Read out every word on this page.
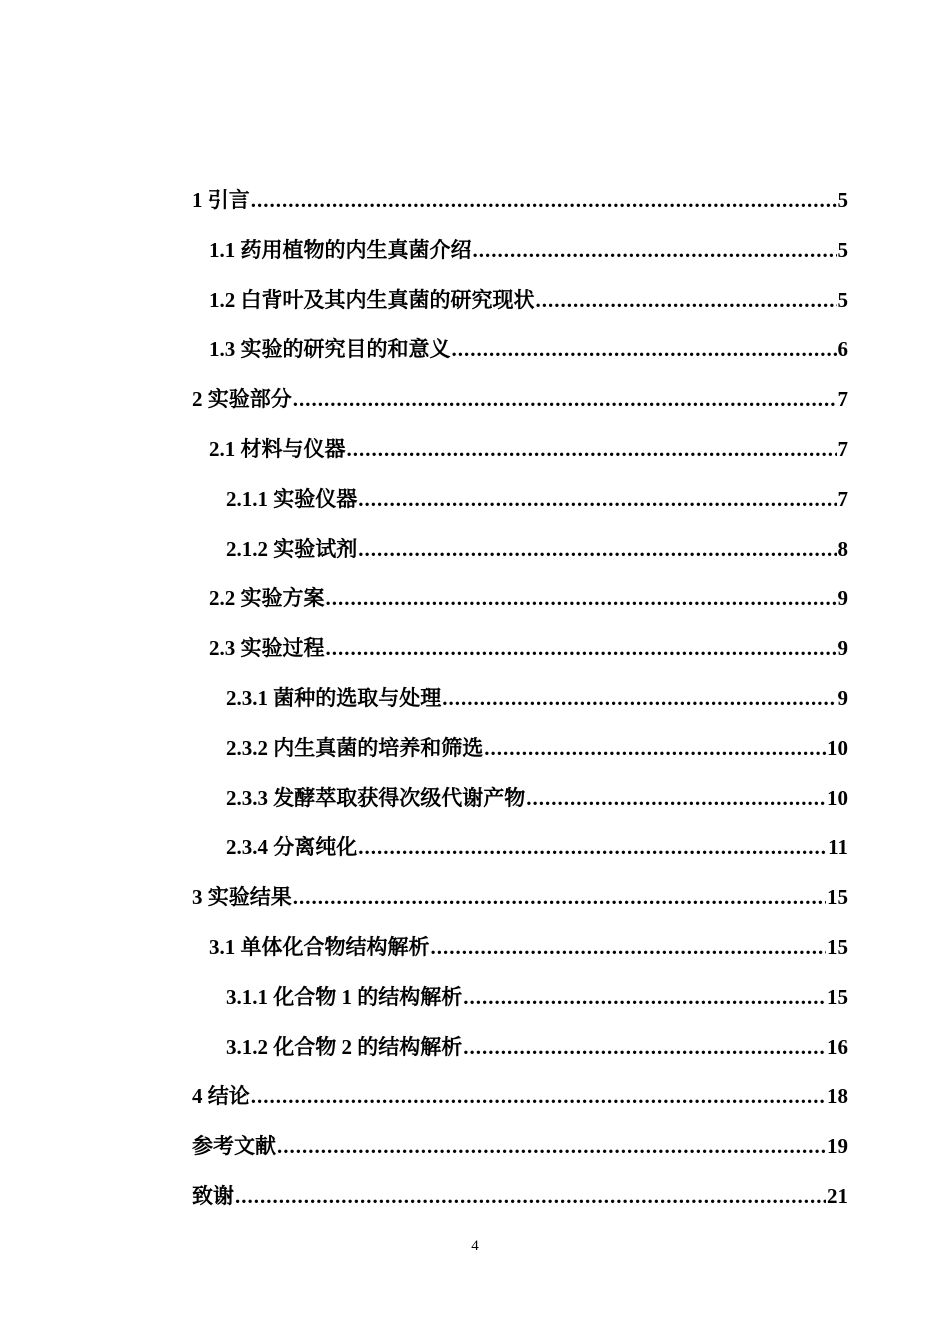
1 引言 .....	5
1.1 药用植物的内生真菌介绍 .....	5
1.2 白背叶及其内生真菌的研究现状 .....	5
1.3 实验的研究目的和意义 .....	6
2 实验部分 .....	7
2.1 材料与仪器 .....	7
2.1.1 实验仪器 .....	7
2.1.2 实验试剂 .....	8
2.2 实验方案 .....	9
2.3 实验过程 .....	9
2.3.1 菌种的选取与处理 .....	9
2.3.2 内生真菌的培养和筛选 .....	10
2.3.3 发酵萃取获得次级代谢产物 .....	10
2.3.4 分离纯化 .....	11
3 实验结果 .....	15
3.1 单体化合物结构解析 .....	15
3.1.1 化合物 1 的结构解析 .....	15
3.1.2 化合物 2 的结构解析 .....	16
4 结论 .....	18
参考文献 .....	19
致谢 .....	21
4
